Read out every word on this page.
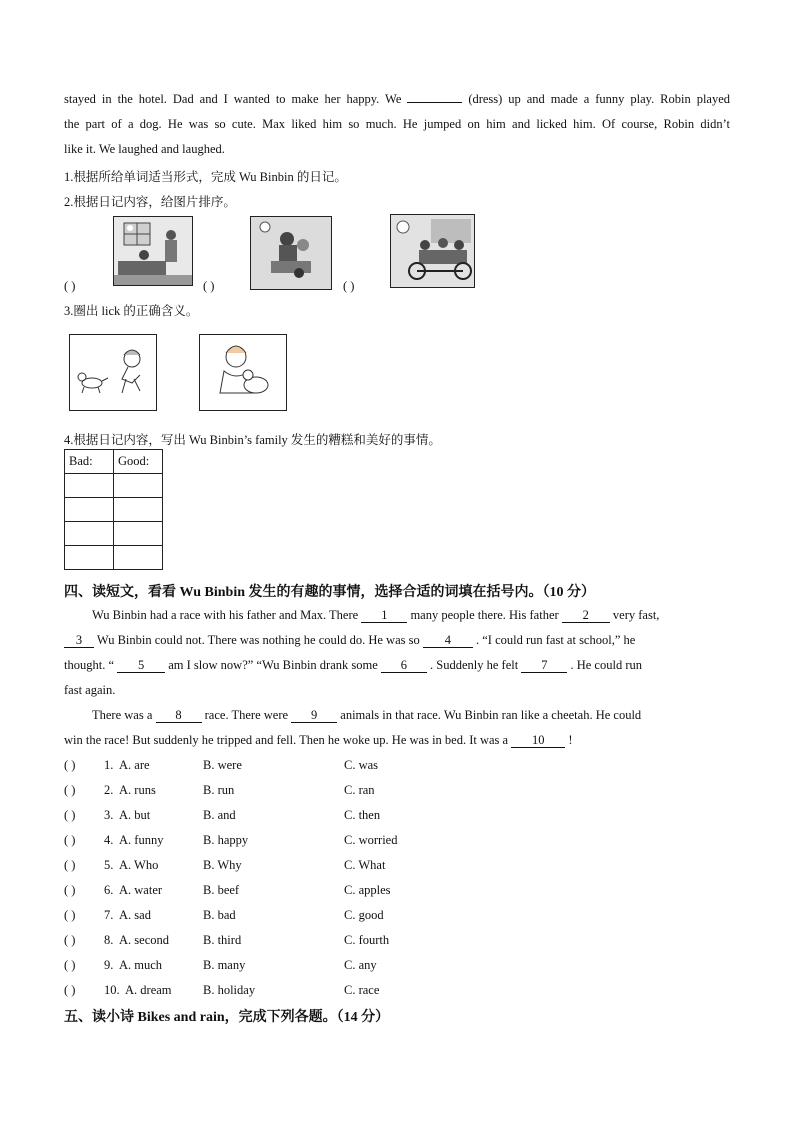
stayed in the hotel. Dad and I wanted to make her happy. We	(dress) up and made a funny play. Robin played
the part of a dog. He was so cute. Max liked him so much. He jumped on him and licked him. Of course, Robin didn’t
like it. We laughed and laughed.
1.根据所给单词适当形式，完成 Wu Binbin 的日记。
2.根据日记内容，给图片排序。
( )	( )	( )
3.圈出 lick 的正确含义。
4.根据日记内容，写出 Wu Binbin’s family 发生的糟糕和美好的事情。
Bad:	Good:

四、读短文，看看 Wu Binbin 发生的有趣的事情，选择合适的词填在括号内。（10 分）
Wu Binbin had a race with his father and Max. There 1 many people there. His father 2 very fast,
3 Wu Binbin could not. There was nothing he could do. He was so 4 . “I could run fast at school,” he
thought. “ 5 am I slow now?” “Wu Binbin drank some 6 . Suddenly he felt 7 . He could run
fast again.
There was a 8 race. There were 9 animals in that race. Wu Binbin ran like a cheetah. He could
win the race! But suddenly he tripped and fell. Then he woke up. He was in bed. It was a 10 !
( ) 1. A. are	B. were	C. was
( ) 2. A. runs	B. run	C. ran
( ) 3. A. but	B. and	C. then
( ) 4. A. funny	B. happy	C. worried
( ) 5. A. Who	B. Why	C. What
( ) 6. A. water	B. beef	C. apples
( ) 7. A. sad	B. bad	C. good
( ) 8. A. second	B. third	C. fourth
( ) 9. A. much	B. many	C. any
( ) 10. A. dream	B. holiday	C. race
五、读小诗 Bikes and rain，完成下列各题。（14 分）
